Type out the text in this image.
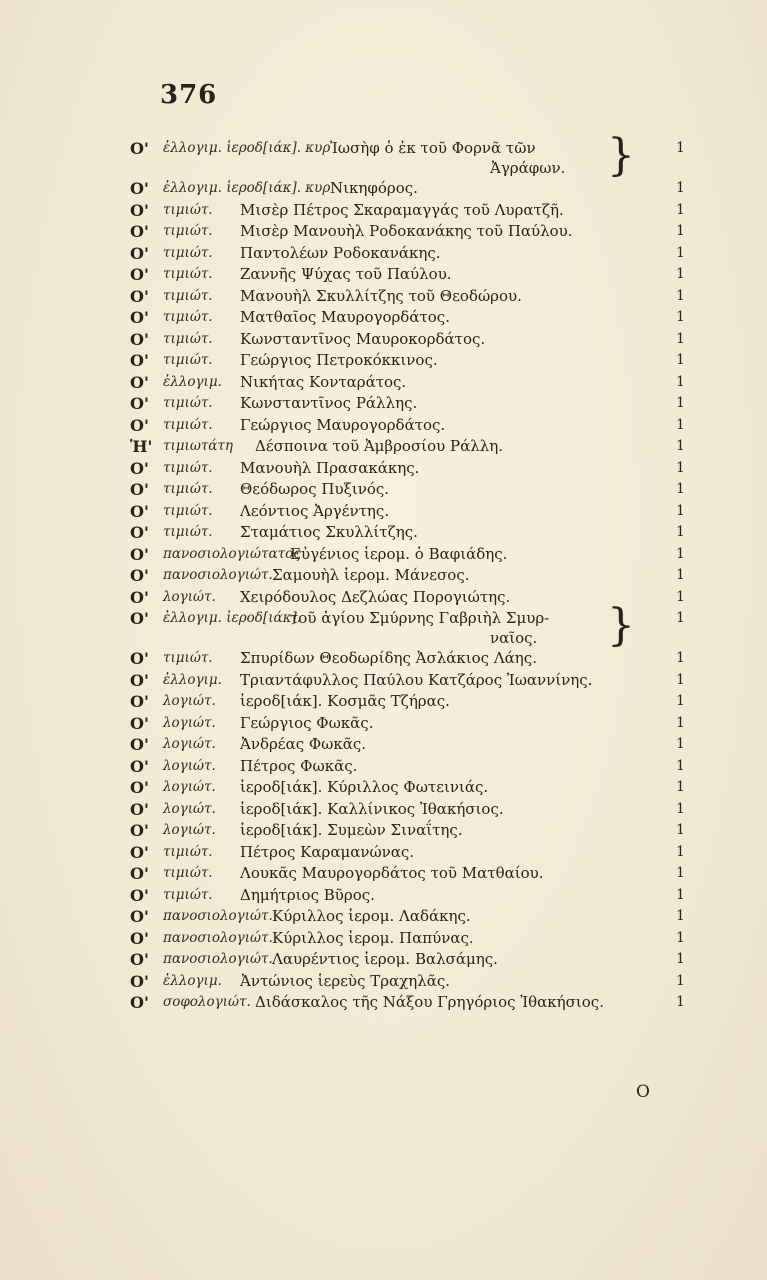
376
Ο' ἐλλογιμ. ἱεροδ[ιάκ]. κυρ Ἰωσὴφ ὁ ἐκ τοῦ Φορνᾶ τῶν
Ἀγράφων. }	1
Ο' ἐλλογιμ. ἱεροδ[ιάκ]. κυρ Νικηφόρος.	1
Ο' τιμιώτ. Μισὲρ Πέτρος Σκαραμαγγάς τοῦ Λυρατζῆ.	1
Ο' τιμιώτ. Μισὲρ Μανουὴλ Ροδοκανάκης τοῦ Παύλου.	1
Ο' τιμιώτ. Παντολέων Ροδοκανάκης.	1
Ο' τιμιώτ. Ζαννῆς Ψύχας τοῦ Παύλου.	1
Ο' τιμιώτ. Μανουὴλ Σκυλλίτζης τοῦ Θεοδώρου.	1
Ο' τιμιώτ. Ματθαῖος Μαυρογορδάτος.	1
Ο' τιμιώτ. Κωνσταντῖνος Μαυροκορδάτος.	1
Ο' τιμιώτ. Γεώργιος Πετροκόκκινος.	1
Ο' ἐλλογιμ. Νικήτας Κονταράτος.	1
Ο' τιμιώτ. Κωνσταντῖνος Ράλλης.	1
Ο' τιμιώτ. Γεώργιος Μαυρογορδάτος.	1
Ἡ' τιμιωτάτη Δέσποινα τοῦ Ἀμβροσίου Ράλλη.	1
Ο' τιμιώτ. Μανουὴλ Πρασακάκης.	1
Ο' τιμιώτ. Θεόδωρος Πυξινός.	1
Ο' τιμιώτ. Λεόντιος Ἀργέντης.	1
Ο' τιμιώτ. Σταμάτιος Σκυλλίτζης.	1
Ο' πανοσιολογιώτατος
Εὐγένιος ἱερομ. ὁ Βαφιάδης.	1
Ο' πανοσιολογιώτ. Σαμουὴλ ἱερομ. Μάνεσος.	1
Ο' λογιώτ. Χειρόδουλος Δεζλώας Πορογιώτης.	1
Ο' ἐλλογιμ. ἱεροδ[ιάκ].
τοῦ ἁγίου Σμύρνης Γαβριὴλ Σμυρ-
ναῖος. }	1
Ο' τιμιώτ. Σπυρίδων Θεοδωρίδης Ἀσλάκιος Λάης.	1
Ο' ἐλλογιμ. Τριαντάφυλλος Παύλου Κατζάρος Ἰωαννίνης.	1
Ο' λογιώτ. ἱεροδ[ιάκ]. Κοσμᾶς Τζήρας.	1
Ο' λογιώτ. Γεώργιος Φωκᾶς.	1
Ο' λογιώτ. Ἀνδρέας Φωκᾶς.	1
Ο' λογιώτ. Πέτρος Φωκᾶς.	1
Ο' λογιώτ. ἱεροδ[ιάκ]. Κύριλλος Φωτεινιάς.	1
Ο' λογιώτ. ἱεροδ[ιάκ]. Καλλίνικος Ἰθακήσιος.	1
Ο' λογιώτ. ἱεροδ[ιάκ]. Συμεὼν Σιναΐτης.	1
Ο' τιμιώτ. Πέτρος Καραμανώνας.	1
Ο' τιμιώτ. Λουκᾶς Μαυρογορδάτος τοῦ Ματθαίου.	1
Ο' τιμιώτ. Δημήτριος Βῦρος.	1
Ο' πανοσιολογιώτ. Κύριλλος ἱερομ. Λαδάκης.	1
Ο' πανοσιολογιώτ. Κύριλλος ἱερομ. Παπύνας.	1
Ο' πανοσιολογιώτ. Λαυρέντιος ἱερομ. Βαλσάμης.	1
Ο' ἐλλογιμ. Ἀντώνιος ἱερεὺς Τραχηλᾶς.	1
Ο' σοφολογιώτ. Διδάσκαλος τῆς Νάξου Γρηγόριος Ἰθακήσιος.	1
Ο
